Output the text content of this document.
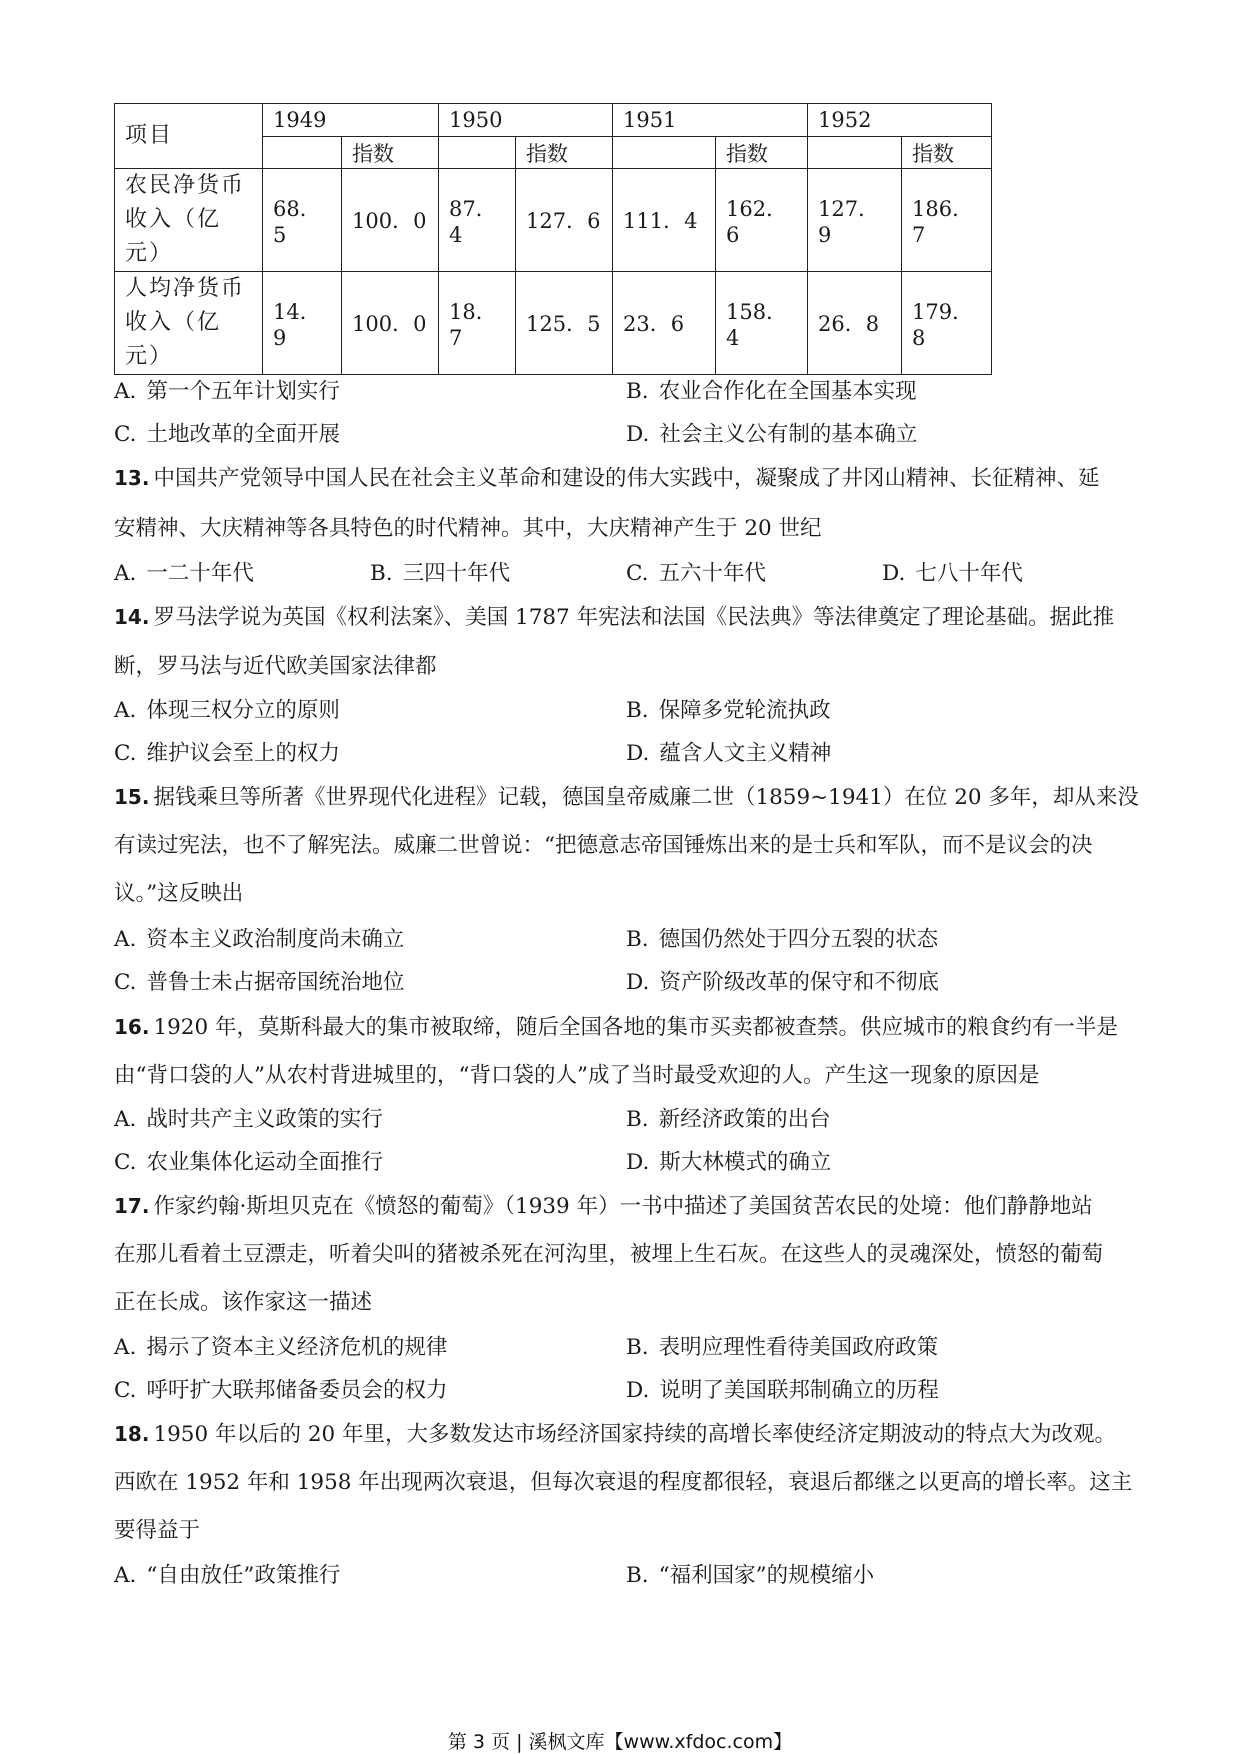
项目	1949		1950		1951		1952	
		指数		指数		指数		指数
农民净货币
收入（亿元）	68．5	100．0	87．4	127．6	111．4	162．6	127．9	186．7
人均净货币
收入（亿元）	14．9	100．0	18．7	125．5	23．6	158．4	26．8	179．8
A. 第一个五年计划实行	B. 农业合作化在全国基本实现
C. 土地改革的全面开展	D. 社会主义公有制的基本确立
13. 中国共产党领导中国人民在社会主义革命和建设的伟大实践中，凝聚成了井冈山精神、长征精神、延
安精神、大庆精神等各具特色的时代精神。其中，大庆精神产生于 20 世纪
A. 一二十年代	B. 三四十年代	C. 五六十年代	D. 七八十年代
14. 罗马法学说为英国《权利法案》、美国 1787 年宪法和法国《民法典》等法律奠定了理论基础。据此推
断，罗马法与近代欧美国家法律都
A. 体现三权分立的原则	B. 保障多党轮流执政
C. 维护议会至上的权力	D. 蕴含人文主义精神
15. 据钱乘旦等所著《世界现代化进程》记载，德国皇帝威廉二世（1859~1941）在位 20 多年，却从来没
有读过宪法，也不了解宪法。威廉二世曾说：“把德意志帝国锤炼出来的是士兵和军队，而不是议会的决
议。”这反映出
A. 资本主义政治制度尚未确立	B. 德国仍然处于四分五裂的状态
C. 普鲁士未占据帝国统治地位	D. 资产阶级改革的保守和不彻底
16. 1920 年，莫斯科最大的集市被取缔，随后全国各地的集市买卖都被查禁。供应城市的粮食约有一半是
由“背口袋的人”从农村背进城里的，“背口袋的人”成了当时最受欢迎的人。产生这一现象的原因是
A. 战时共产主义政策的实行	B. 新经济政策的出台
C. 农业集体化运动全面推行	D. 斯大林模式的确立
17. 作家约翰·斯坦贝克在《愤怒的葡萄》（1939 年）一书中描述了美国贫苦农民的处境：他们静静地站
在那儿看着土豆漂走，听着尖叫的猪被杀死在河沟里，被埋上生石灰。在这些人的灵魂深处，愤怒的葡萄
正在长成。该作家这一描述
A. 揭示了资本主义经济危机的规律	B. 表明应理性看待美国政府政策
C. 呼吁扩大联邦储备委员会的权力	D. 说明了美国联邦制确立的历程
18. 1950 年以后的 20 年里，大多数发达市场经济国家持续的高增长率使经济定期波动的特点大为改观。
西欧在 1952 年和 1958 年出现两次衰退，但每次衰退的程度都很轻，衰退后都继之以更高的增长率。这主
要得益于
A. “自由放任”政策推行	B. “福利国家”的规模缩小
第 3 页 | 溪枫文库【www.xfdoc.com】
